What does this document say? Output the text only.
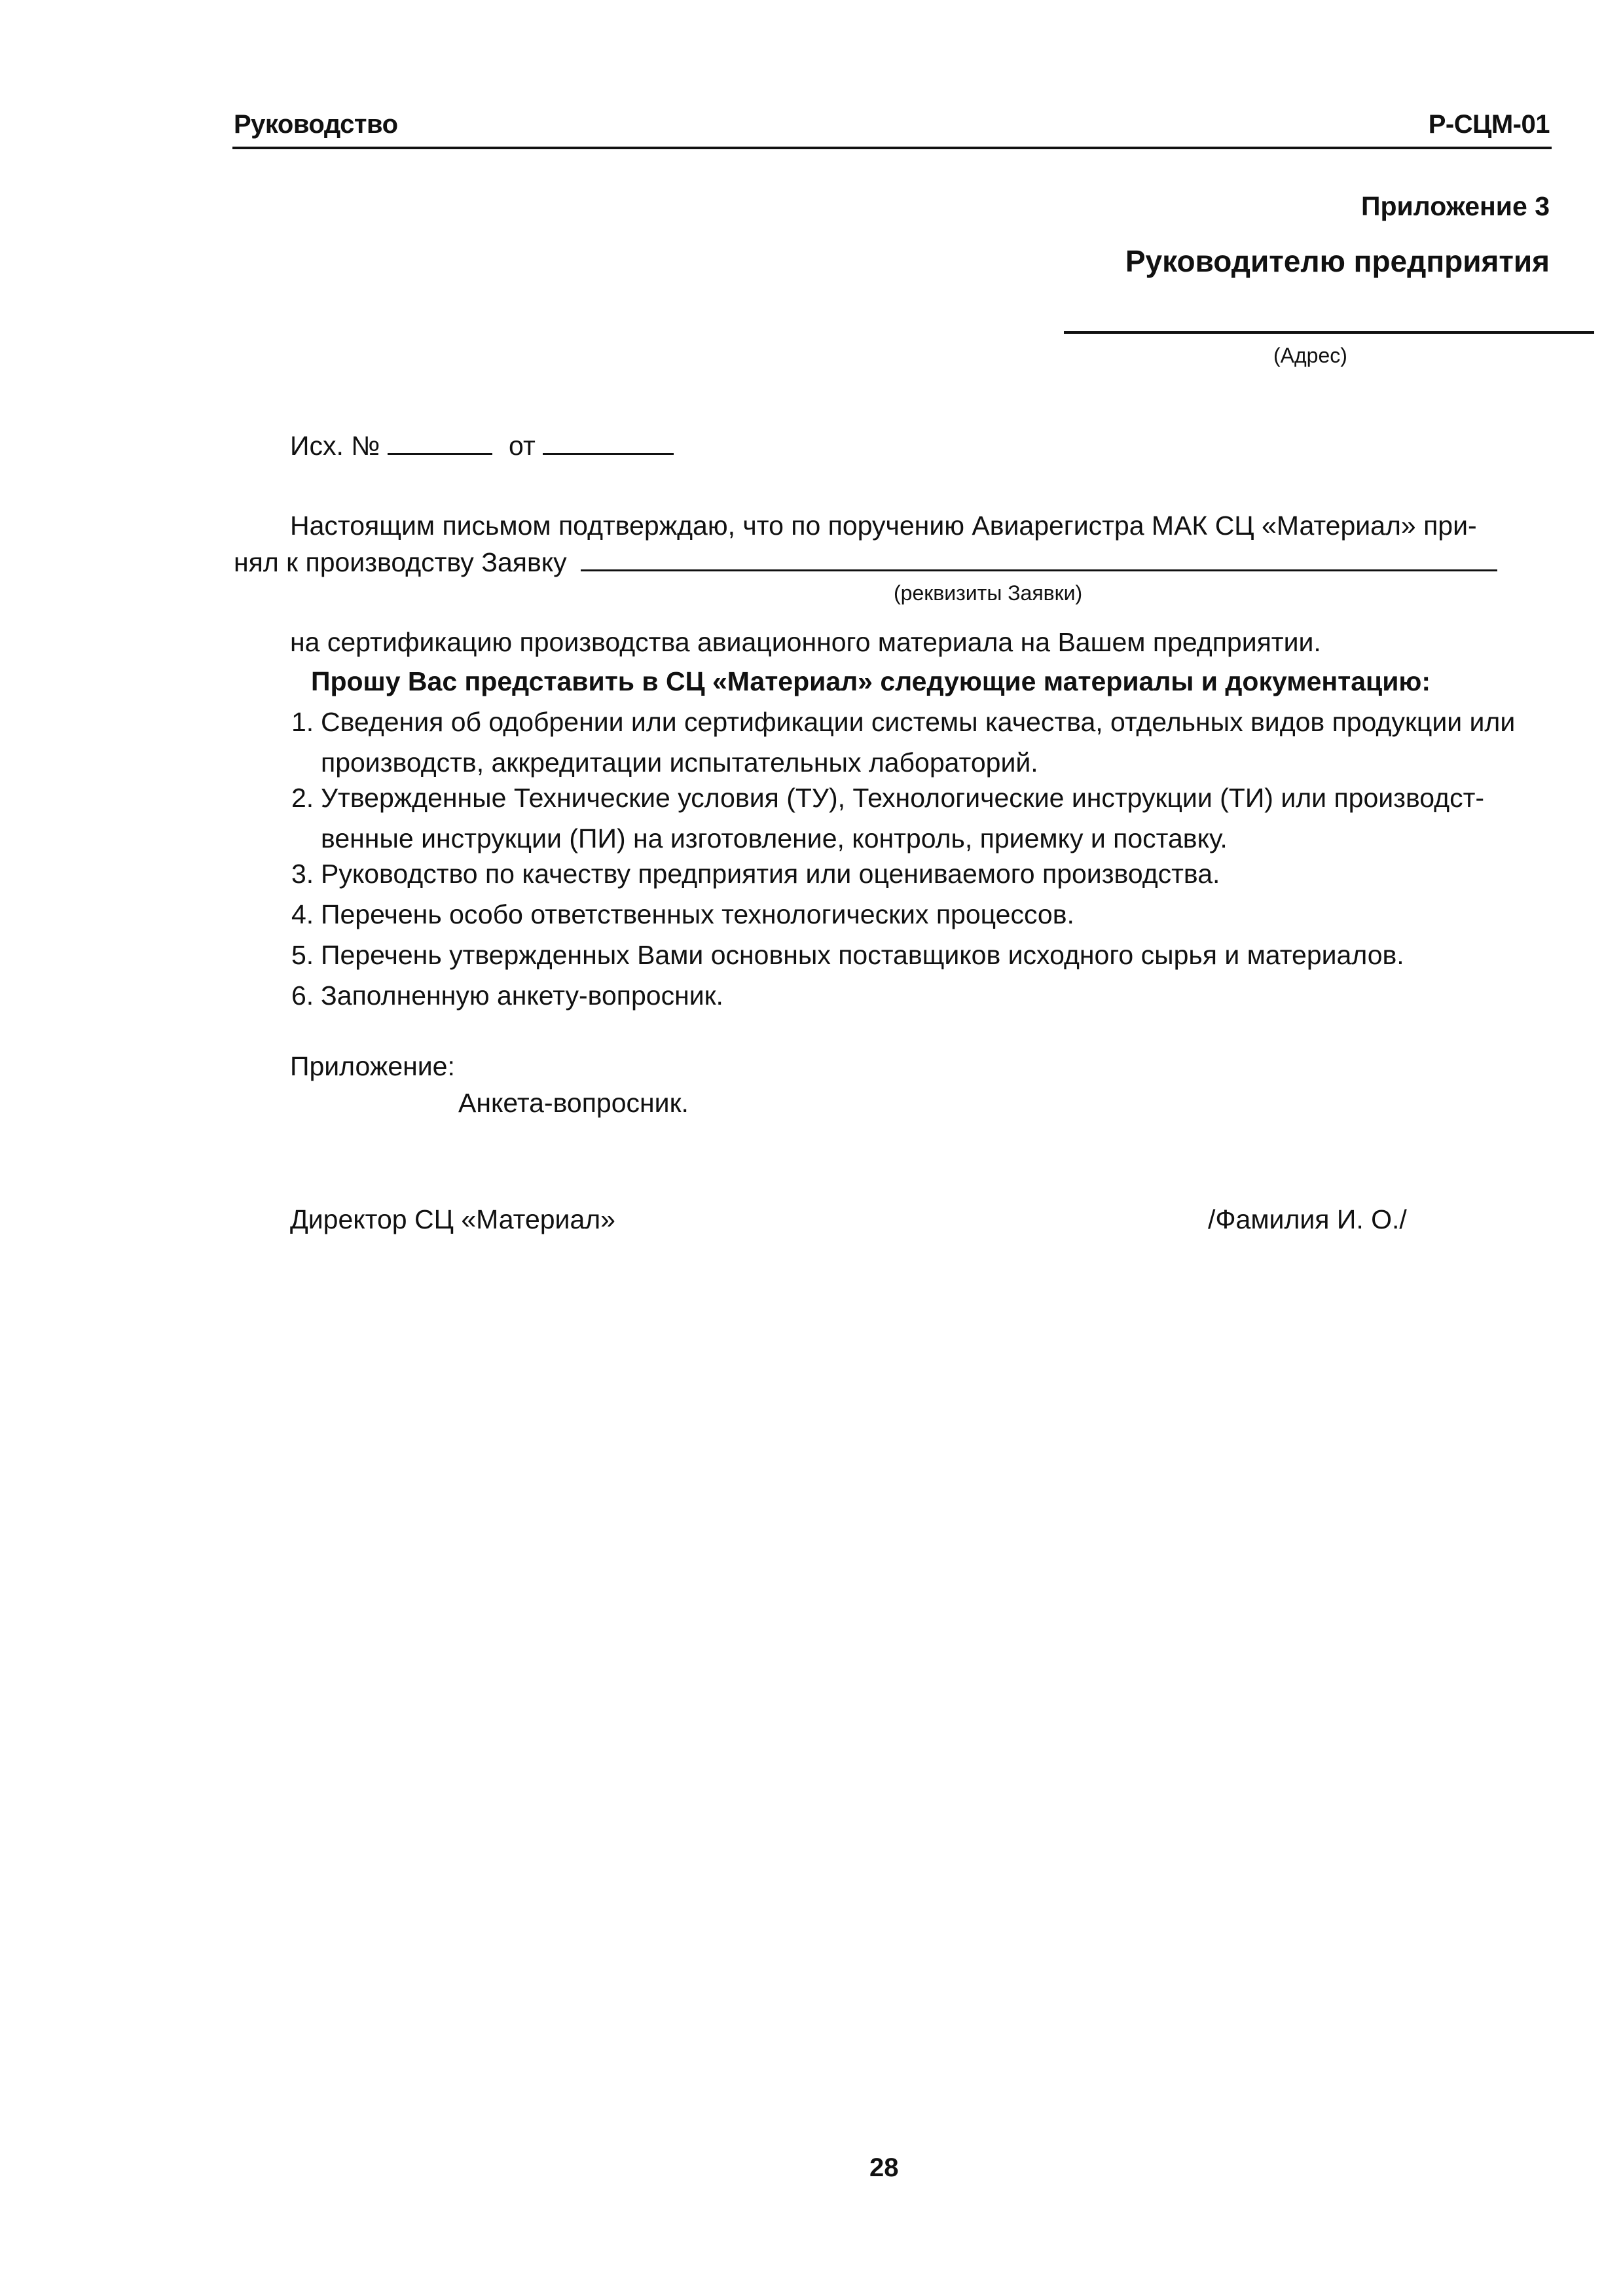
Руководство	Р-СЦМ-01
Приложение 3
Руководителю предприятия
(Адрес)
Исх. №	от
Настоящим письмом подтверждаю, что по поручению Авиарегистра МАК СЦ «Материал» при-
нял к производству Заявку
(реквизиты Заявки)
на сертификацию производства авиационного материала на Вашем предприятии.
Прошу Вас представить в СЦ «Материал» следующие материалы и документацию:
1. Сведения об одобрении или сертификации системы качества, отдельных видов продукции или
производств, аккредитации испытательных лабораторий.
2. Утвержденные Технические условия (ТУ), Технологические инструкции (ТИ) или производст-
венные инструкции (ПИ) на изготовление, контроль, приемку и поставку.
3. Руководство по качеству предприятия или оцениваемого производства.
4. Перечень особо ответственных технологических процессов.
5. Перечень утвержденных Вами основных поставщиков исходного сырья и материалов.
6. Заполненную анкету-вопросник.
Приложение:
Анкета-вопросник.
Директор СЦ «Материал»	/Фамилия И. О./
28
